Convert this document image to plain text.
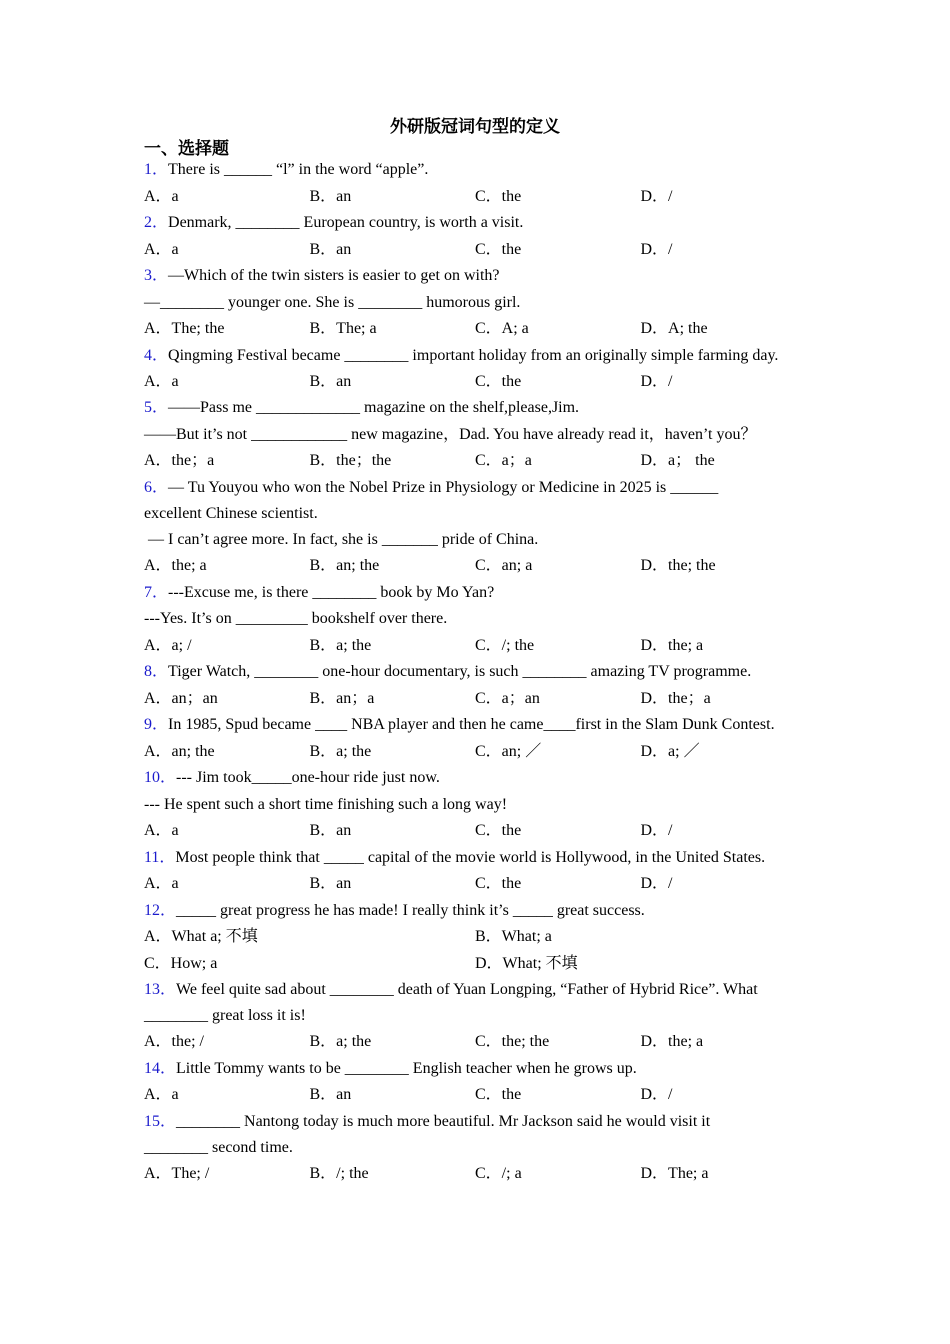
外研版冠词句型的定义
一、选择题
1．There is ______ “l” in the word “apple”.
A．a	B．an	C．the	D．/
2．Denmark, ________ European country, is worth a visit.
A．a	B．an	C．the	D．/
3．—Which of the twin sisters is easier to get on with?
—________ younger one. She is ________ humorous girl.
A．The; the	B．The; a	C．A; a	D．A; the
4．Qingming Festival became ________ important holiday from an originally simple farming day.
A．a	B．an	C．the	D．/
5．——Pass me _____________ magazine on the shelf,please,Jim.
——But it’s not ____________ new magazine，Dad. You have already read it，haven’t you？
A．the；a	B．the；the	C．a；a	D．a； the
6．— Tu Youyou who won the Nobel Prize in Physiology or Medicine in 2025 is ______ excellent Chinese scientist.
— I can’t agree more. In fact, she is _______ pride of China.
A．the; a	B．an; the	C．an; a	D．the; the
7．---Excuse me, is there ________ book by Mo Yan?
---Yes. It’s on _________ bookshelf over there.
A．a; /	B．a; the	C．/; the	D．the; a
8．Tiger Watch, ________ one-hour documentary, is such ________ amazing TV programme.
A．an；an	B．an；a	C．a；an	D．the；a
9．In 1985, Spud became ____ NBA player and then he came____first in the Slam Dunk Contest.
A．an; the	B．a; the	C．an; ／	D．a; ／
10．--- Jim took_____one-hour ride just now.
--- He spent such a short time finishing such a long way!
A．a	B．an	C．the	D．/
11．Most people think that _____ capital of the movie world is Hollywood, in the United States.
A．a	B．an	C．the	D．/
12．_____ great progress he has made! I really think it’s _____ great success.
A．What a; 不填	B．What; a
C．How; a	D．What; 不填
13．We feel quite sad about ________ death of Yuan Longping, “Father of Hybrid Rice”. What ________ great loss it is!
A．the; /	B．a; the	C．the; the	D．the; a
14．Little Tommy wants to be ________ English teacher when he grows up.
A．a	B．an	C．the	D．/
15．________ Nantong today is much more beautiful. Mr Jackson said he would visit it ________ second time.
A．The; /	B．/; the	C．/; a	D．The; a
